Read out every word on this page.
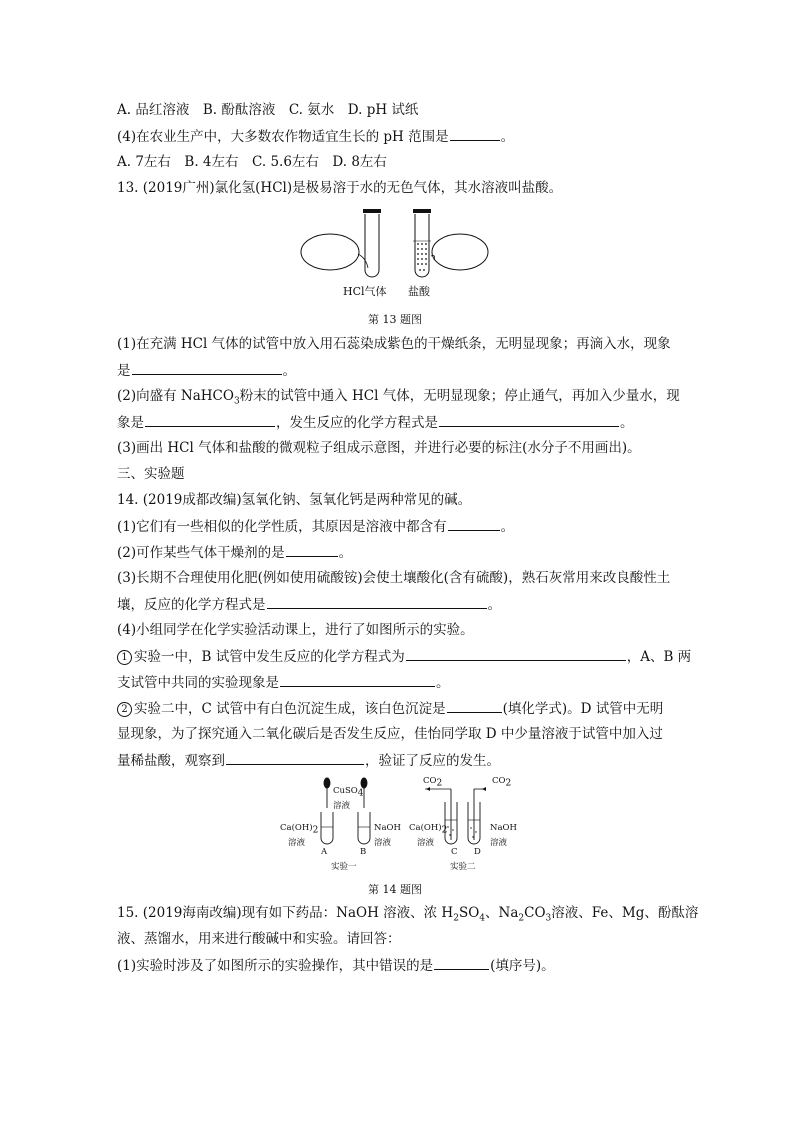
A. 品红溶液　B. 酚酞溶液　C. 氨水　D. pH 试纸
(4)在农业生产中，大多数农作物适宜生长的 pH 范围是	。
A. 7左右　B. 4左右　C. 5.6左右　D. 8左右
13. (2019广州)氯化氢(HCl)是极易溶于水的无色气体，其水溶液叫盐酸。
HCl气体 盐酸
第 13 题图
(1)在充满 HCl 气体的试管中放入用石蕊染成紫色的干燥纸条，无明显现象；再滴入水，现象
是	。
(2)向盛有 NaHCO$_3$粉末的试管中通入 HCl 气体，无明显现象；停止通气，再加入少量水，现
象是	，发生反应的化学方程式是	。
(3)画出 HCl 气体和盐酸的微观粒子组成示意图，并进行必要的标注(水分子不用画出)。
三、实验题
14. (2019成都改编)氢氧化钠、氢氧化钙是两种常见的碱。
(1)它们有一些相似的化学性质，其原因是溶液中都含有	。
(2)可作某些气体干燥剂的是	。
(3)长期不合理使用化肥(例如使用硫酸铵)会使土壤酸化(含有硫酸)，熟石灰常用来改良酸性土
壤，反应的化学方程式是	。
(4)小组同学在化学实验活动课上，进行了如图所示的实验。
1 实验一中，B 试管中发生反应的化学方程式为	，A、B 两
支试管中共同的实验现象是	。
2 实验二中，C 试管中有白色沉淀生成，该白色沉淀是	(填化学式)。D 试管中无明
显现象，为了探究通入二氧化碳后是否发生反应，佳怡同学取 D 中少量溶液于试管中加入过
量稀盐酸，观察到	，验证了反应的发生。
CuSO$_4$
溶液
$Ca(OH)_2$
溶液
NaOH
溶液
A	B
实验一
$CO_2$	$CO_2$
$Ca(OH)_2$
溶液
NaOH
溶液
C D
实验二
第 14 题图
15. (2019海南改编)现有如下药品：NaOH 溶液、浓 $H_2SO_4$、$Na_2CO_3$溶液、Fe、Mg、酚酞溶
液、蒸馏水，用来进行酸碱中和实验。请回答：
(1)实验时涉及了如图所示的实验操作，其中错误的是	(填序号)。
